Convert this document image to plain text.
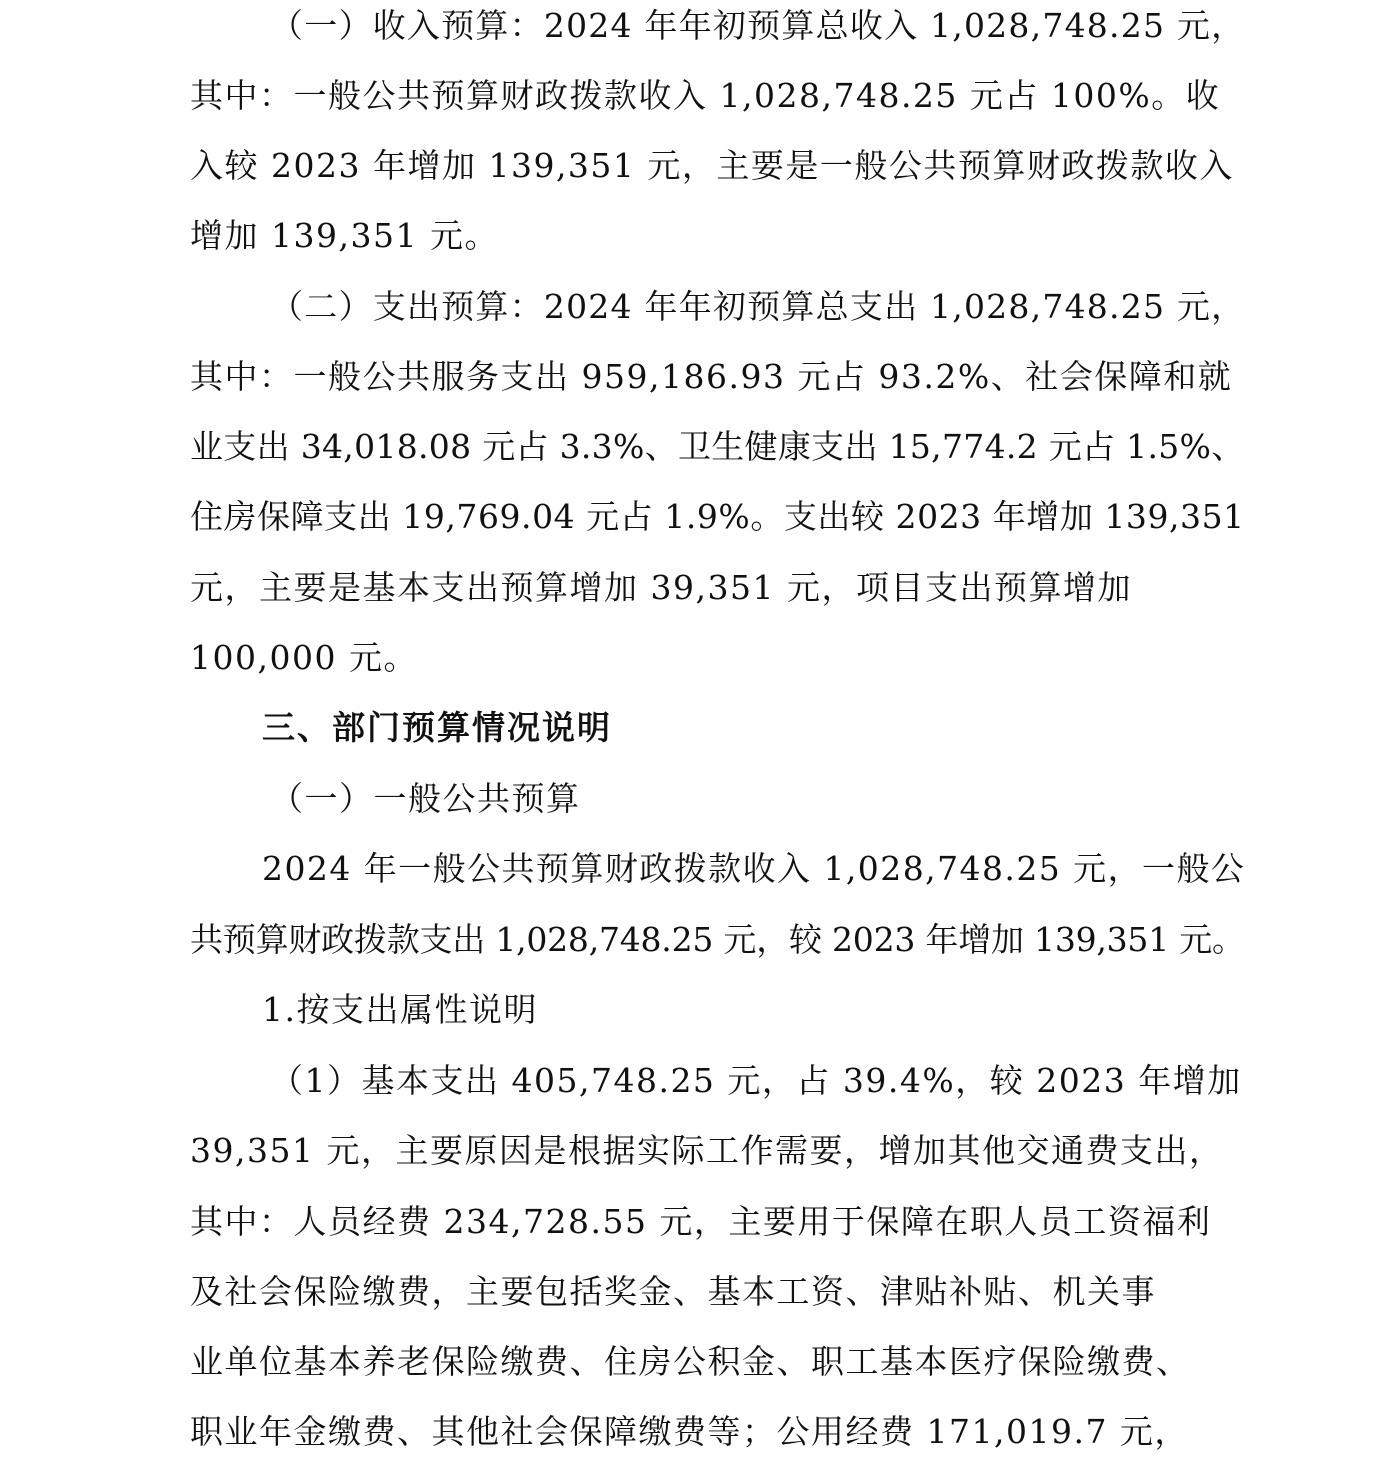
（一）收入预算：2024 年年初预算总收入 1,028,748.25 元，
其中：一般公共预算财政拨款收入 1,028,748.25 元占 100%。收
入较 2023 年增加 139,351 元，主要是一般公共预算财政拨款收入
增加 139,351 元。
（二）支出预算：2024 年年初预算总支出 1,028,748.25 元，
其中：一般公共服务支出 959,186.93 元占 93.2%、社会保障和就
业支出 34,018.08 元占 3.3%、卫生健康支出 15,774.2 元占 1.5%、
住房保障支出 19,769.04 元占 1.9%。支出较 2023 年增加 139,351
元，主要是基本支出预算增加 39,351 元，项目支出预算增加
100,000 元。
三、部门预算情况说明
（一）一般公共预算
2024 年一般公共预算财政拨款收入 1,028,748.25 元，一般公
共预算财政拨款支出 1,028,748.25 元，较 2023 年增加 139,351 元。
1.按支出属性说明
（1）基本支出 405,748.25 元，占 39.4%，较 2023 年增加
39,351 元，主要原因是根据实际工作需要，增加其他交通费支出，
其中：人员经费 234,728.55 元，主要用于保障在职人员工资福利
及社会保险缴费，主要包括奖金、基本工资、津贴补贴、机关事
业单位基本养老保险缴费、住房公积金、职工基本医疗保险缴费、
职业年金缴费、其他社会保障缴费等；公用经费 171,019.7 元，
